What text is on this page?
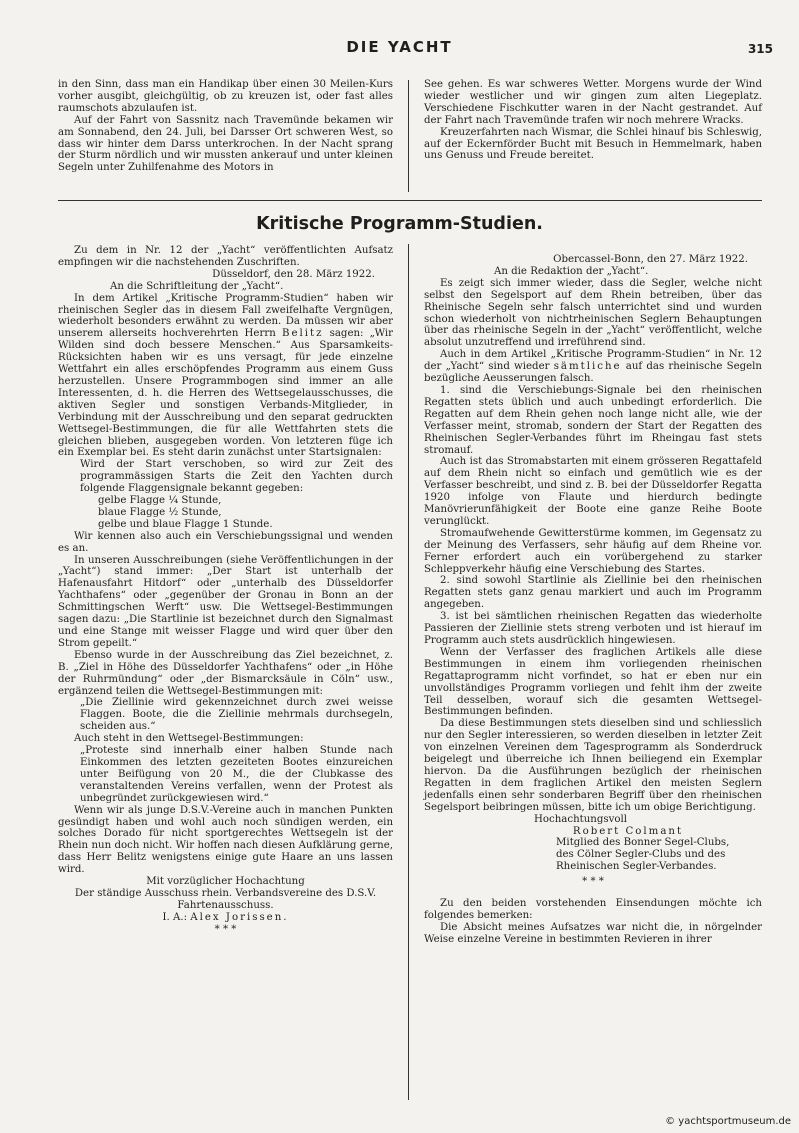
DIE YACHT	315

in den Sinn, dass man ein Handikap über einen 30 Meilen-Kurs vorher ausgibt, gleichgültig, ob zu kreuzen ist, oder fast alles raumschots abzulaufen ist.

Auf der Fahrt von Sassnitz nach Travemünde bekamen wir am Sonnabend, den 24. Juli, bei Darsser Ort schweren West, so dass wir hinter dem Darss unterkrochen. In der Nacht sprang der Sturm nördlich und wir mussten ankerauf und unter kleinen Segeln unter Zuhilfenahme des Motors in

See gehen. Es war schweres Wetter. Morgens wurde der Wind wieder westlicher und wir gingen zum alten Liegeplatz. Verschiedene Fischkutter waren in der Nacht gestrandet. Auf der Fahrt nach Travemünde trafen wir noch mehrere Wracks.

Kreuzerfahrten nach Wismar, die Schlei hinauf bis Schleswig, auf der Eckernförder Bucht mit Besuch in Hemmelmark, haben uns Genuss und Freude bereitet.

Kritische Programm-Studien.

Zu dem in Nr. 12 der „Yacht“ veröffentlichten Aufsatz empfingen wir die nachstehenden Zuschriften.

Düsseldorf, den 28. März 1922.

An die Schriftleitung der „Yacht“.

In dem Artikel „Kritische Programm-Studien“ haben wir rheinischen Segler das in diesem Fall zweifelhafte Vergnügen, wiederholt besonders erwähnt zu werden. Da müssen wir aber unserem allerseits hochverehrten Herrn Belitz sagen: „Wir Wilden sind doch bessere Menschen.“ Aus Sparsamkeits-Rücksichten haben wir es uns versagt, für jede einzelne Wettfahrt ein alles erschöpfendes Programm aus einem Guss herzustellen. Unsere Programmbogen sind immer an alle Interessenten, d. h. die Herren des Wettsegelausschusses, die aktiven Segler und sonstigen Verbands-Mitglieder, in Verbindung mit der Ausschreibung und den separat gedruckten Wettsegel-Bestimmungen, die für alle Wettfahrten stets die gleichen blieben, ausgegeben worden. Von letzteren füge ich ein Exemplar bei. Es steht darin zunächst unter Startsignalen:

Wird der Start verschoben, so wird zur Zeit des programmässigen Starts die Zeit den Yachten durch folgende Flaggensignale bekannt gegeben:

gelbe Flagge ¼ Stunde,

blaue Flagge ½ Stunde,

gelbe und blaue Flagge 1 Stunde.

Wir kennen also auch ein Verschiebungssignal und wenden es an.

In unseren Ausschreibungen (siehe Veröffentlichungen in der „Yacht“) stand immer: „Der Start ist unterhalb der Hafenausfahrt Hitdorf“ oder „unterhalb des Düsseldorfer Yachthafens“ oder „gegenüber der Gronau in Bonn an der Schmittingschen Werft“ usw. Die Wettsegel-Bestimmungen sagen dazu: „Die Startlinie ist bezeichnet durch den Signalmast und eine Stange mit weisser Flagge und wird quer über den Strom gepeilt.“

Ebenso wurde in der Ausschreibung das Ziel bezeichnet, z. B. „Ziel in Höhe des Düsseldorfer Yachthafens“ oder „in Höhe der Ruhrmündung“ oder „der Bismarcksäule in Cöln“ usw., ergänzend teilen die Wettsegel-Bestimmungen mit:

„Die Ziellinie wird gekennzeichnet durch zwei weisse Flaggen. Boote, die die Ziellinie mehrmals durchsegeln, scheiden aus.“

Auch steht in den Wettsegel-Bestimmungen:

„Proteste sind innerhalb einer halben Stunde nach Einkommen des letzten gezeiteten Bootes einzureichen unter Beifügung von 20 M., die der Clubkasse des veranstaltenden Vereins verfallen, wenn der Protest als unbegründet zurückgewiesen wird.“

Wenn wir als junge D.S.V.-Vereine auch in manchen Punkten gesündigt haben und wohl auch noch sündigen werden, ein solches Dorado für nicht sportgerechtes Wettsegeln ist der Rhein nun doch nicht. Wir hoffen nach diesen Aufklärung gerne, dass Herr Belitz wenigstens einige gute Haare an uns lassen wird.

Mit vorzüglicher Hochachtung

Der ständige Ausschuss rhein. Verbandsvereine des D.S.V. Fahrtenausschuss.

I. A.: Alex Jorissen.

* * *

Obercassel-Bonn, den 27. März 1922.

An die Redaktion der „Yacht“.

Es zeigt sich immer wieder, dass die Segler, welche nicht selbst den Segelsport auf dem Rhein betreiben, über das Rheinische Segeln sehr falsch unterrichtet sind und wurden schon wiederholt von nichtrheinischen Seglern Behauptungen über das rheinische Segeln in der „Yacht“ veröffentlicht, welche absolut unzutreffend und irreführend sind.

Auch in dem Artikel „Kritische Programm-Studien“ in Nr. 12 der „Yacht“ sind wieder sämtliche auf das rheinische Segeln bezügliche Aeusserungen falsch.

1. sind die Verschiebungs-Signale bei den rheinischen Regatten stets üblich und auch unbedingt erforderlich. Die Regatten auf dem Rhein gehen noch lange nicht alle, wie der Verfasser meint, stromab, sondern der Start der Regatten des Rheinischen Segler-Verbandes führt im Rheingau fast stets stromauf.

Auch ist das Stromabstarten mit einem grösseren Regattafeld auf dem Rhein nicht so einfach und gemütlich wie es der Verfasser beschreibt, und sind z. B. bei der Düsseldorfer Regatta 1920 infolge von Flaute und hierdurch bedingte Manövrierunfähigkeit der Boote eine ganze Reihe Boote verunglückt.

Stromaufwehende Gewitterstürme kommen, im Gegensatz zu der Meinung des Verfassers, sehr häufig auf dem Rheine vor. Ferner erfordert auch ein vorübergehend zu starker Schleppverkehr häufig eine Verschiebung des Startes.

2. sind sowohl Startlinie als Ziellinie bei den rheinischen Regatten stets ganz genau markiert und auch im Programm angegeben.

3. ist bei sämtlichen rheinischen Regatten das wiederholte Passieren der Ziellinie stets streng verboten und ist hierauf im Programm auch stets ausdrücklich hingewiesen.

Wenn der Verfasser des fraglichen Artikels alle diese Bestimmungen in einem ihm vorliegenden rheinischen Regattaprogramm nicht vorfindet, so hat er eben nur ein unvollständiges Programm vorliegen und fehlt ihm der zweite Teil desselben, worauf sich die gesamten Wettsegel-Bestimmungen befinden.

Da diese Bestimmungen stets dieselben sind und schliesslich nur den Segler interessieren, so werden dieselben in letzter Zeit von einzelnen Vereinen dem Tagesprogramm als Sonderdruck beigelegt und überreiche ich Ihnen beiliegend ein Exemplar hiervon. Da die Ausführungen bezüglich der rheinischen Regatten in dem fraglichen Artikel den meisten Seglern jedenfalls einen sehr sonderbaren Begriff über den rheinischen Segelsport beibringen müssen, bitte ich um obige Berichtigung.

Hochachtungsvoll

Robert Colmant

Mitglied des Bonner Segel-Clubs,

des Cölner Segler-Clubs und des

Rheinischen Segler-Verbandes.

* * *

Zu den beiden vorstehenden Einsendungen möchte ich folgendes bemerken:

Die Absicht meines Aufsatzes war nicht die, in nörgelnder Weise einzelne Vereine in bestimmten Revieren in ihrer

© yachtsportmuseum.de
